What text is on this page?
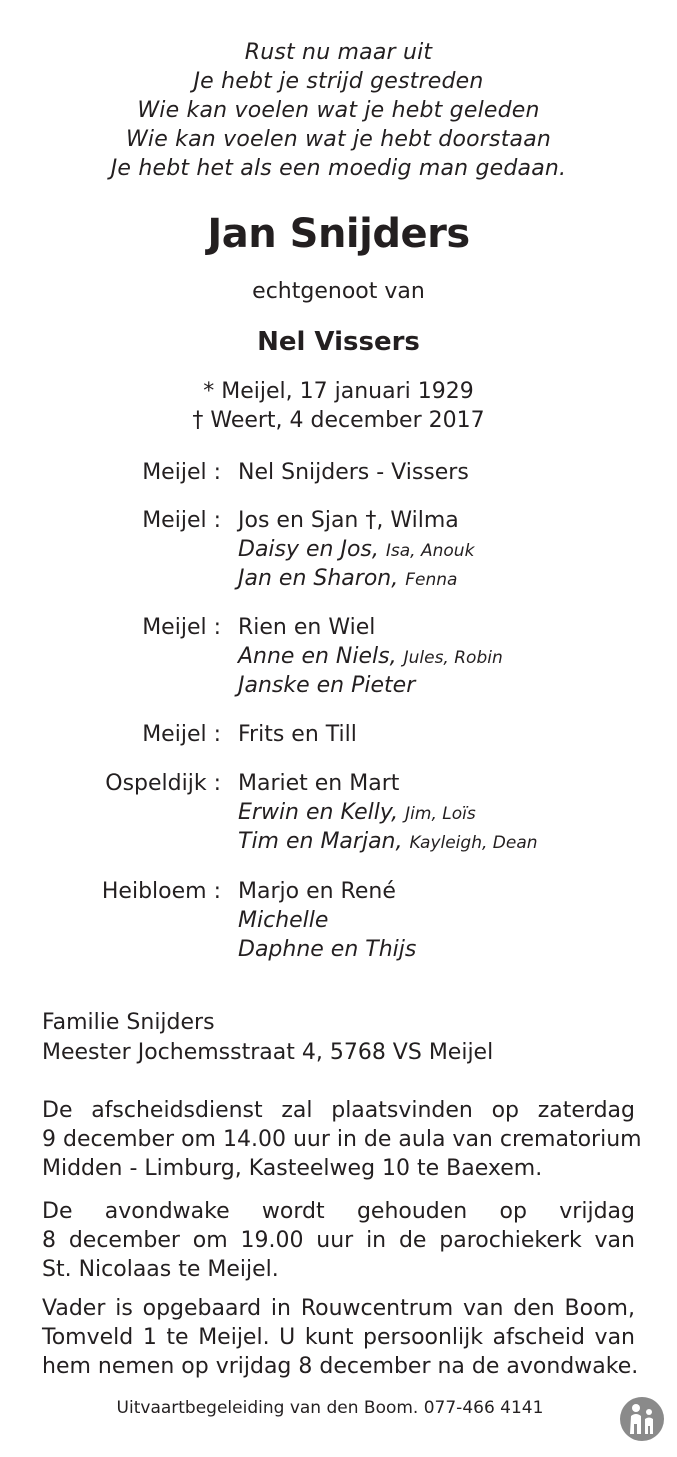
Rust nu maar uit
Je hebt je strijd gestreden
Wie kan voelen wat je hebt geleden
Wie kan voelen wat je hebt doorstaan
Je hebt het als een moedig man gedaan.
Jan Snijders
echtgenoot van
Nel Vissers
* Meijel, 17 januari 1929
† Weert, 4 december 2017
Meijel : Nel Snijders - Vissers
Meijel : Jos en Sjan †, Wilma
Daisy en Jos, Isa, Anouk
Jan en Sharon, Fenna
Meijel : Rien en Wiel
Anne en Niels, Jules, Robin
Janske en Pieter
Meijel : Frits en Till
Ospeldijk : Mariet en Mart
Erwin en Kelly, Jim, Loïs
Tim en Marjan, Kayleigh, Dean
Heibloem : Marjo en René
Michelle
Daphne en Thijs
Familie Snijders
Meester Jochemsstraat 4, 5768 VS Meijel
De afscheidsdienst zal plaatsvinden op zaterdag
9 december om 14.00 uur in de aula van crematorium
Midden - Limburg, Kasteelweg 10 te Baexem.
De avondwake wordt gehouden op vrijdag
8 december om 19.00 uur in de parochiekerk van
St. Nicolaas te Meijel.
Vader is opgebaard in Rouwcentrum van den Boom,
Tomveld 1 te Meijel. U kunt persoonlijk afscheid van
hem nemen op vrijdag 8 december na de avondwake.
Uitvaartbegeleiding van den Boom. 077-466 4141
